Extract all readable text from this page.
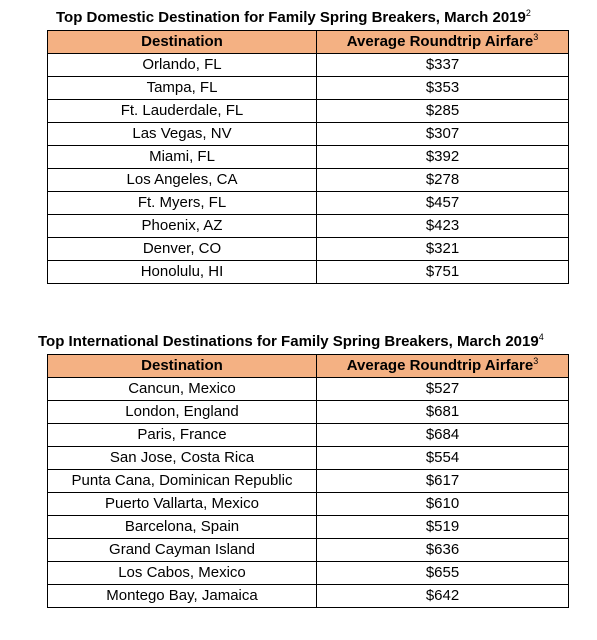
Top Domestic Destination for Family Spring Breakers, March 2019$^2$
Destination	Average Roundtrip Airfare$^3$
Orlando, FL	$337
Tampa, FL	$353
Ft. Lauderdale, FL	$285
Las Vegas, NV	$307
Miami, FL	$392
Los Angeles, CA	$278
Ft. Myers, FL	$457
Phoenix, AZ	$423
Denver, CO	$321
Honolulu, HI	$751
Top International Destinations for Family Spring Breakers, March 2019$^4$
Destination	Average Roundtrip Airfare$^3$
Cancun, Mexico	$527
London, England	$681
Paris, France	$684
San Jose, Costa Rica	$554
Punta Cana, Dominican Republic	$617
Puerto Vallarta, Mexico	$610
Barcelona, Spain	$519
Grand Cayman Island	$636
Los Cabos, Mexico	$655
Montego Bay, Jamaica	$642
